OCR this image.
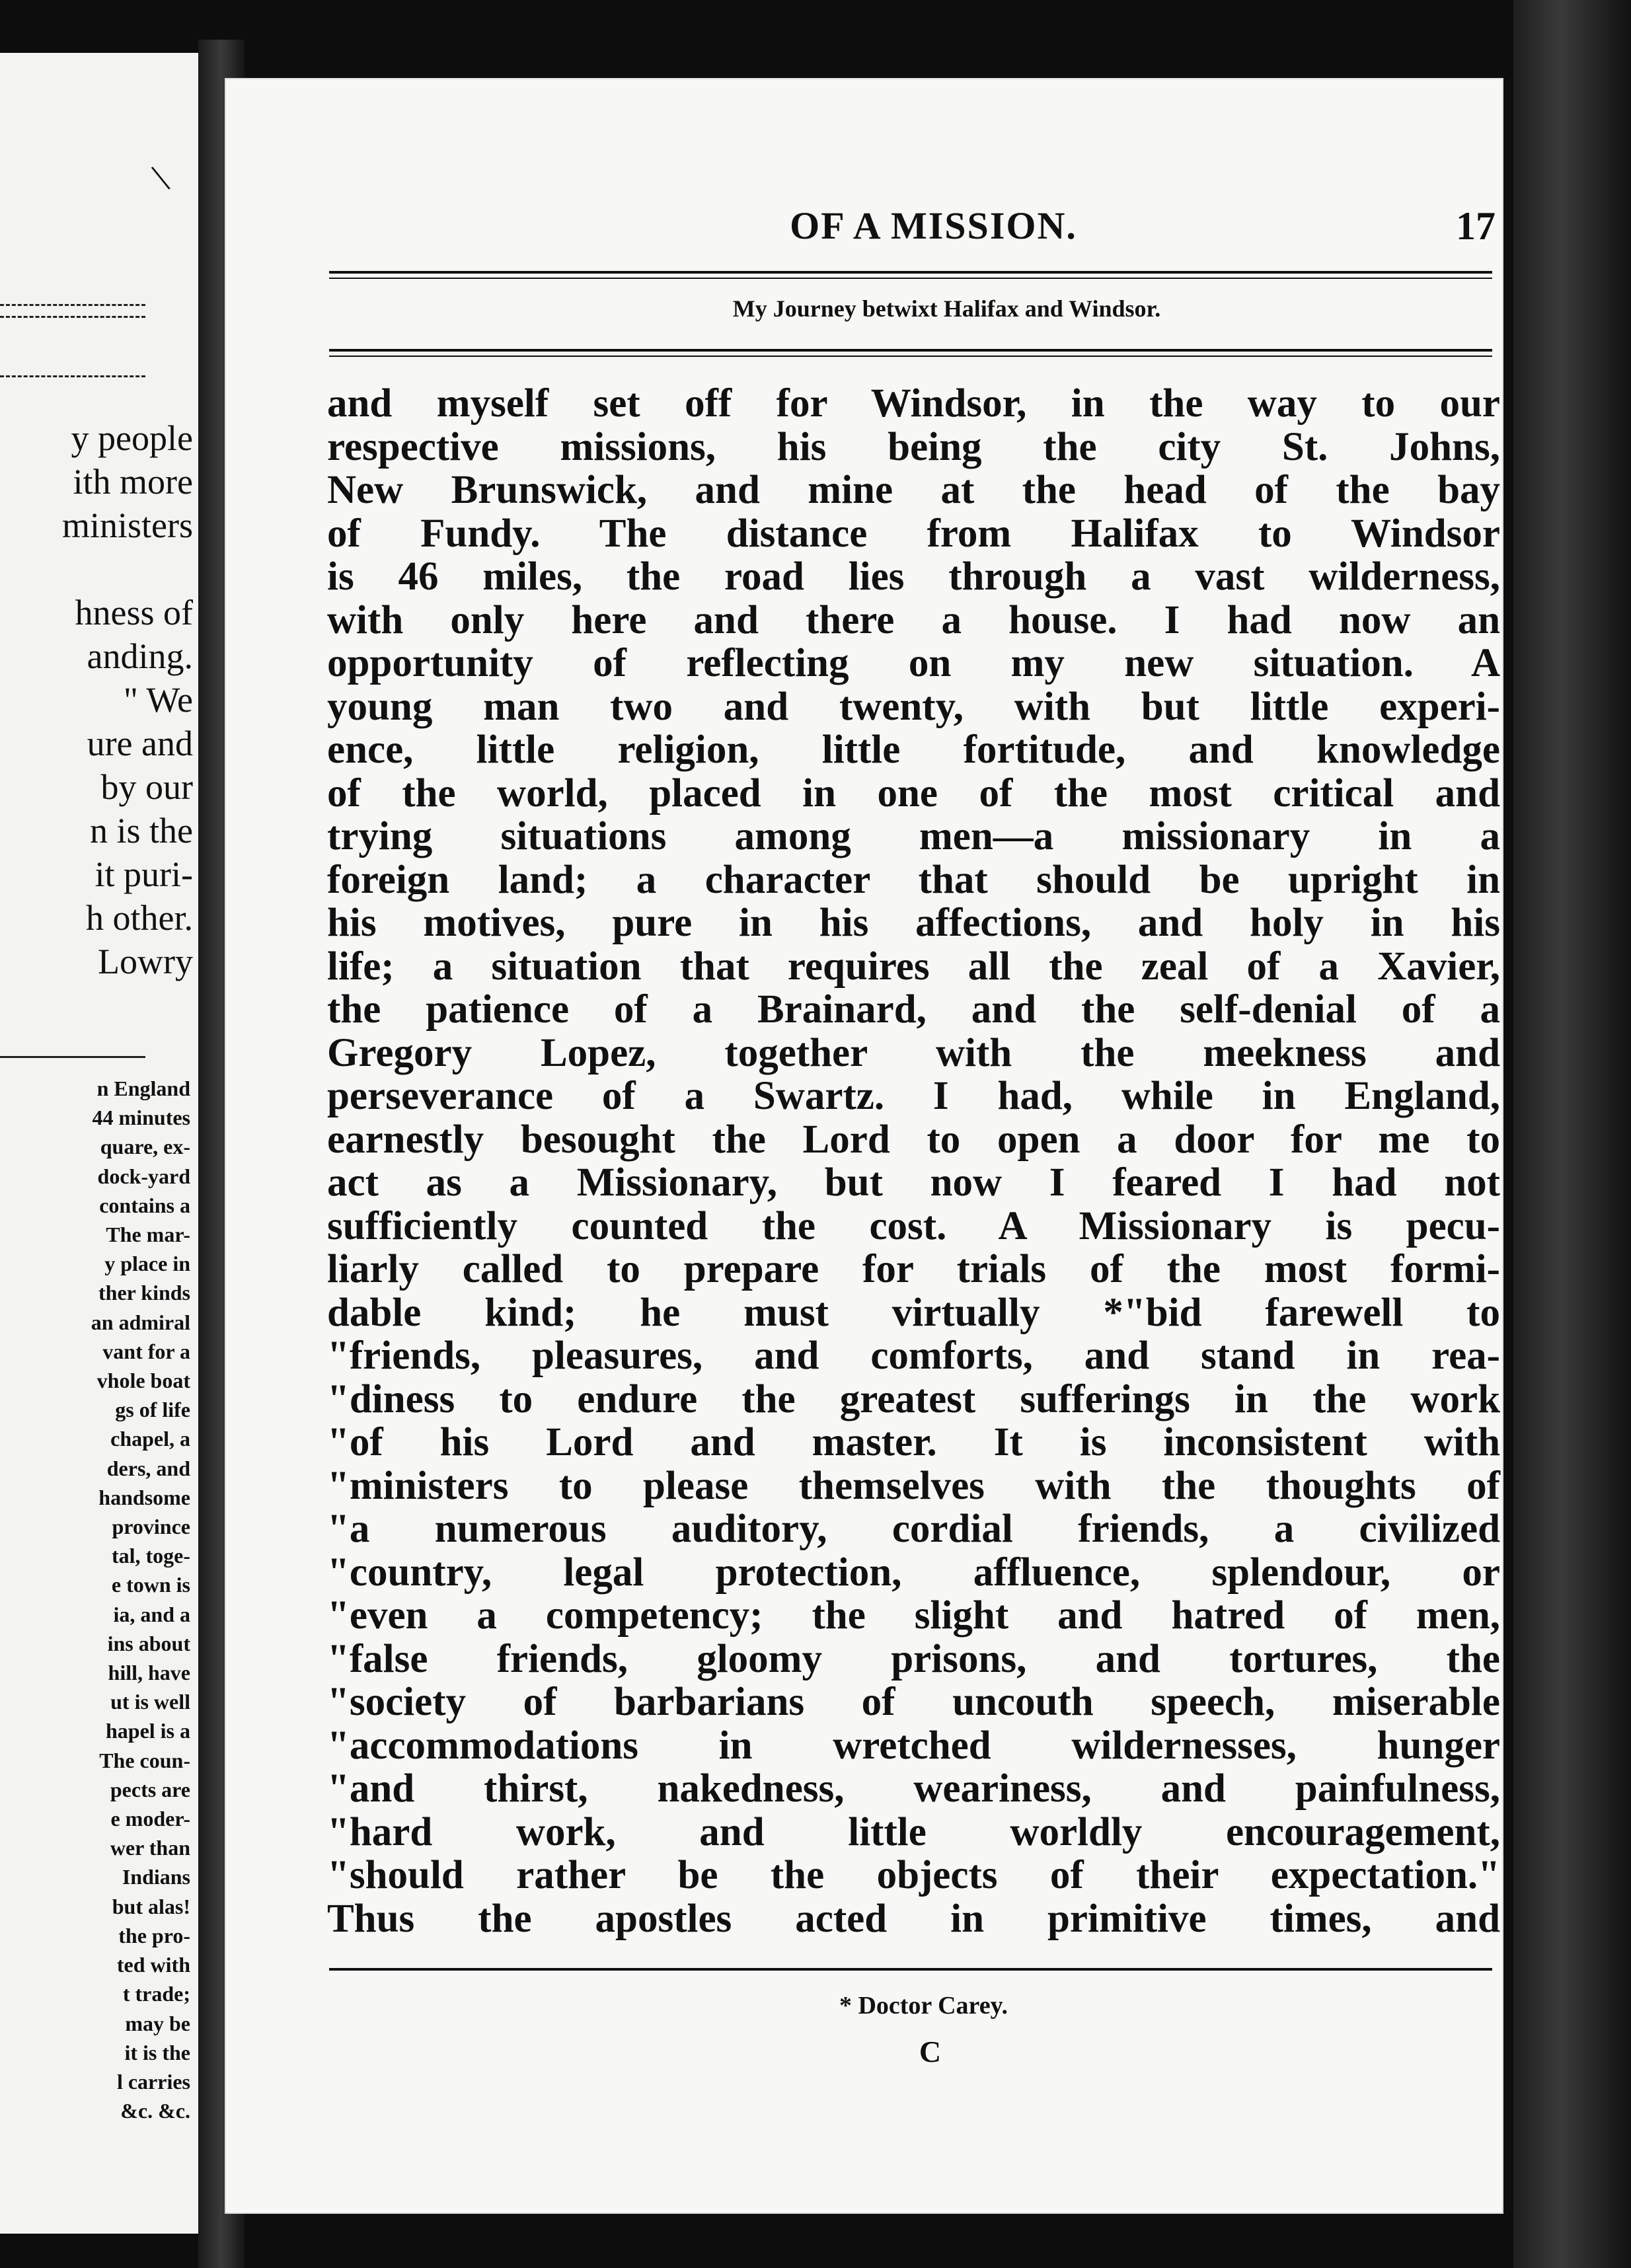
\
y people
ith more
ministers

hness of
anding.
" We
ure and
by our
n is the
it puri-
h other.
Lowry
n England
44 minutes
quare, ex-
dock-yard
contains a
The mar-
y place in
ther kinds
an admiral
vant for a
vhole boat
gs of life
chapel, a
ders, and
handsome
province
tal, toge-
e town is
ia, and a
ins about
hill, have
ut is well
hapel is a
The coun-
pects are
e moder-
wer than
Indians
but alas!
the pro-
ted with
t trade;
may be
it is the
l carries
&c. &c.
OF A MISSION.	17
My Journey betwixt Halifax and Windsor.
and myself set off for Windsor, in the way to our
respective missions, his being the city St. Johns,
New Brunswick, and mine at the head of the bay
of Fundy. The distance from Halifax to Windsor
is 46 miles, the road lies through a vast wilderness,
with only here and there a house. I had now an
opportunity of reflecting on my new situation. A
young man two and twenty, with but little experi-
ence, little religion, little fortitude, and knowledge
of the world, placed in one of the most critical and
trying situations among men—a missionary in a
foreign land; a character that should be upright in
his motives, pure in his affections, and holy in his
life; a situation that requires all the zeal of a Xavier,
the patience of a Brainard, and the self-denial of a
Gregory Lopez, together with the meekness and
perseverance of a Swartz. I had, while in England,
earnestly besought the Lord to open a door for me to
act as a Missionary, but now I feared I had not
sufficiently counted the cost. A Missionary is pecu-
liarly called to prepare for trials of the most formi-
dable kind; he must virtually *"bid farewell to
"friends, pleasures, and comforts, and stand in rea-
"diness to endure the greatest sufferings in the work
"of his Lord and master. It is inconsistent with
"ministers to please themselves with the thoughts of
"a numerous auditory, cordial friends, a civilized
"country, legal protection, affluence, splendour, or
"even a competency; the slight and hatred of men,
"false friends, gloomy prisons, and tortures, the
"society of barbarians of uncouth speech, miserable
"accommodations in wretched wildernesses, hunger
"and thirst, nakedness, weariness, and painfulness,
"hard work, and little worldly encouragement,
"should rather be the objects of their expectation."
Thus the apostles acted in primitive times, and
* Doctor Carey.
C
